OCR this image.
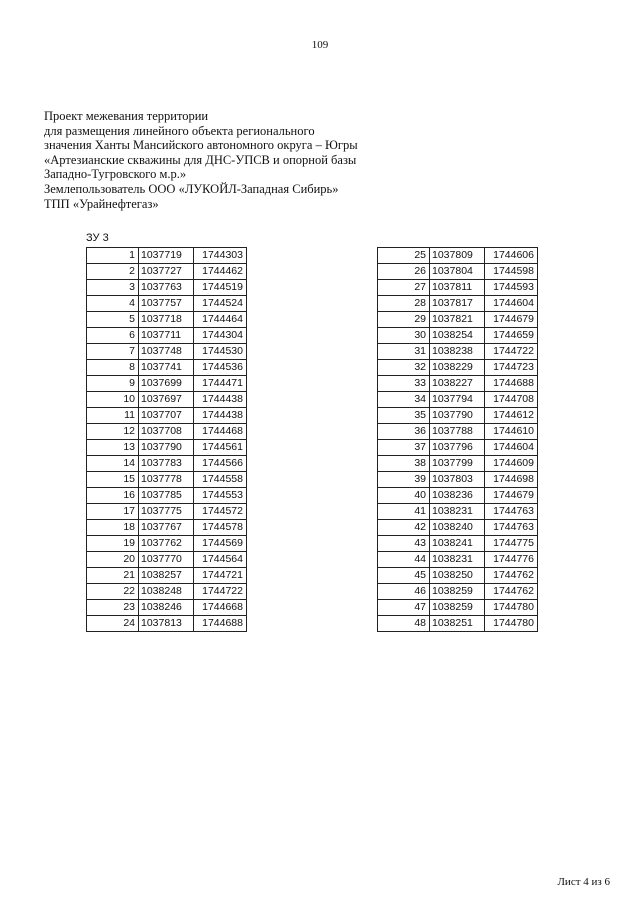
109
Проект межевания территории
для размещения линейного объекта регионального
значения Ханты Мансийского автономного округа – Югры
«Артезианские скважины для ДНС-УПСВ и опорной базы
Западно-Тугровского м.р.»
Землепользователь ООО «ЛУКОЙЛ-Западная Сибирь»
ТПП «Урайнефтегаз»
ЗУ 3
1	1037719	1744303
2	1037727	1744462
3	1037763	1744519
4	1037757	1744524
5	1037718	1744464
6	1037711	1744304
7	1037748	1744530
8	1037741	1744536
9	1037699	1744471
10	1037697	1744438
11	1037707	1744438
12	1037708	1744468
13	1037790	1744561
14	1037783	1744566
15	1037778	1744558
16	1037785	1744553
17	1037775	1744572
18	1037767	1744578
19	1037762	1744569
20	1037770	1744564
21	1038257	1744721
22	1038248	1744722
23	1038246	1744668
24	1037813	1744688
25	1037809	1744606
26	1037804	1744598
27	1037811	1744593
28	1037817	1744604
29	1037821	1744679
30	1038254	1744659
31	1038238	1744722
32	1038229	1744723
33	1038227	1744688
34	1037794	1744708
35	1037790	1744612
36	1037788	1744610
37	1037796	1744604
38	1037799	1744609
39	1037803	1744698
40	1038236	1744679
41	1038231	1744763
42	1038240	1744763
43	1038241	1744775
44	1038231	1744776
45	1038250	1744762
46	1038259	1744762
47	1038259	1744780
48	1038251	1744780
Лист 4 из 6
